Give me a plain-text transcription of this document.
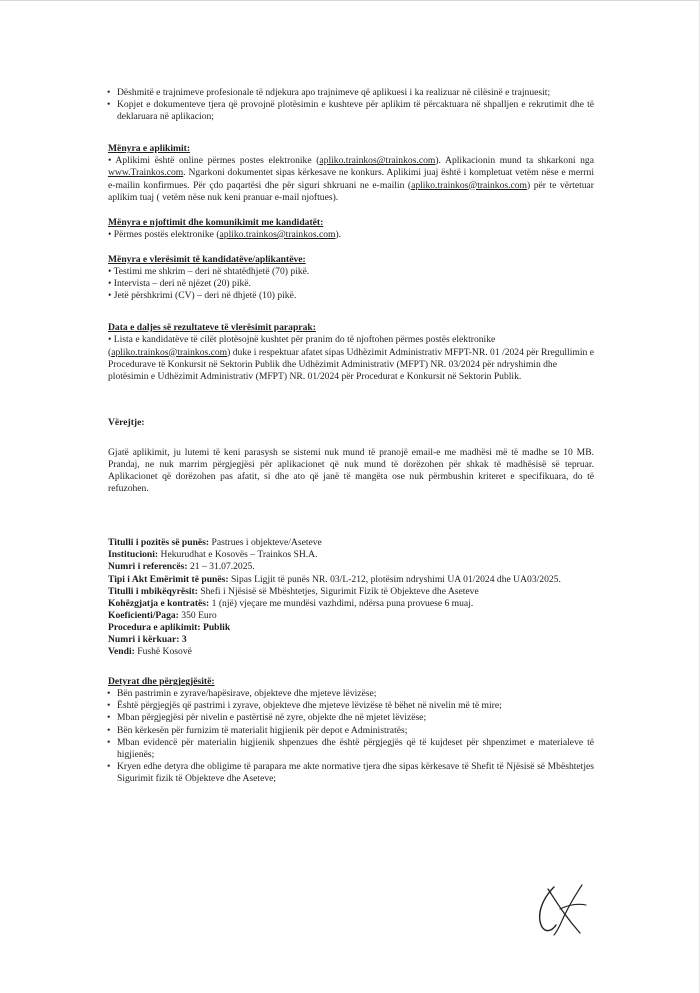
• Dëshmitë e trajnimeve profesionale të ndjekura apo trajnimeve që aplikuesi i ka realizuar në cilësinë e trajnuesit;
• Kopjet e dokumenteve tjera që provojnë plotësimin e kushteve për aplikim të përcaktuara në shpalljen e rekrutimit dhe të deklaruara në aplikacion;

Mënyra e aplikimit:

• Aplikimi është online përmes postes elektronike (apliko.trainkos@trainkos.com). Aplikacionin mund ta shkarkoni nga www.Trainkos.com. Ngarkoni dokumentet sipas kërkesave ne konkurs. Aplikimi juaj është i kompletuat vetëm nëse e merrni e-mailin konfirmues. Për çdo paqartësi dhe për siguri shkruani ne e-mailin (apliko.trainkos@trainkos.com) për te vërtetuar aplikim tuaj ( vetëm nëse nuk keni pranuar e-mail njoftues).

Mënyra e njoftimit dhe komunikimit me kandidatët:

• Përmes postës elektronike (apliko.trainkos@trainkos.com).

Mënyra e vlerësimit të kandidatëve/aplikantëve:

• Testimi me shkrim – deri në shtatëdhjetë (70) pikë.
• Intervista – deri në njëzet (20) pikë.
• Jetë përshkrimi (CV) – deri në dhjetë (10) pikë.

Data e daljes së rezultateve të vlerësimit paraprak:

• Lista e kandidatëve të cilët plotësojnë kushtet për pranim do të njoftohen përmes postës elektronike (apliko.trainkos@trainkos.com) duke i respektuar afatet sipas Udhëzimit Administrativ MFPT-NR. 01 /2024 për Rregullimin e Procedurave të Konkursit në Sektorin Publik dhe Udhëzimit Administrativ (MFPT) NR. 03/2024 për ndryshimin dhe plotësimin e Udhëzimit Administrativ (MFPT) NR. 01/2024 për Procedurat e Konkursit në Sektorin Publik.

Vërejtje:

Gjatë aplikimit, ju lutemi të keni parasysh se sistemi nuk mund të pranojë email-e me madhësi më të madhe se 10 MB. Prandaj, ne nuk marrim përgjegjësi për aplikacionet që nuk mund të dorëzohen për shkak të madhësisë së tepruar. Aplikacionet që dorëzohen pas afatit, si dhe ato që janë të mangëta ose nuk përmbushin kriteret e specifikuara, do të refuzohen.

Titulli i pozitës së punës: Pastrues i objekteve/Aseteve

Institucioni: Hekurudhat e Kosovës – Trainkos SH.A.

Numri i referencës: 21 – 31.07.2025.

Tipi i Akt Emërimit të punës: Sipas Ligjit të punës NR. 03/L-212, plotësim ndryshimi UA 01/2024 dhe UA03/2025.

Titulli i mbikëqyrësit: Shefi i Njësisë së Mbështetjes, Sigurimit Fizik të Objekteve dhe Aseteve

Kohëzgjatja e kontratës: 1 (një) vjeçare me mundësi vazhdimi, ndërsa puna provuese 6 muaj.

Koeficienti/Paga: 350 Euro

Procedura e aplikimit: Publik

Numri i kërkuar: 3

Vendi: Fushë Kosovë

Detyrat dhe përgjegjësitë:

• Bën pastrimin e zyrave/hapësirave, objekteve dhe mjeteve lëvizëse;
• Është përgjegjës që pastrimi i zyrave, objekteve dhe mjeteve lëvizëse të bëhet në nivelin më të mire;
• Mban përgjegjësi për nivelin e pastërtisë në zyre, objekte dhe në mjetet lëvizëse;
• Bën kërkesën për furnizim të materialit higjienik për depot e Administratës;
• Mban evidencë për materialin higjienik shpenzues dhe është përgjegjës që të kujdeset për shpenzimet e materialeve të higjienës;
• Kryen edhe detyra dhe obligime të parapara me akte normative tjera dhe sipas kërkesave të Shefit të Njësisë së Mbështetjes Sigurimit fizik të Objekteve dhe Aseteve;
